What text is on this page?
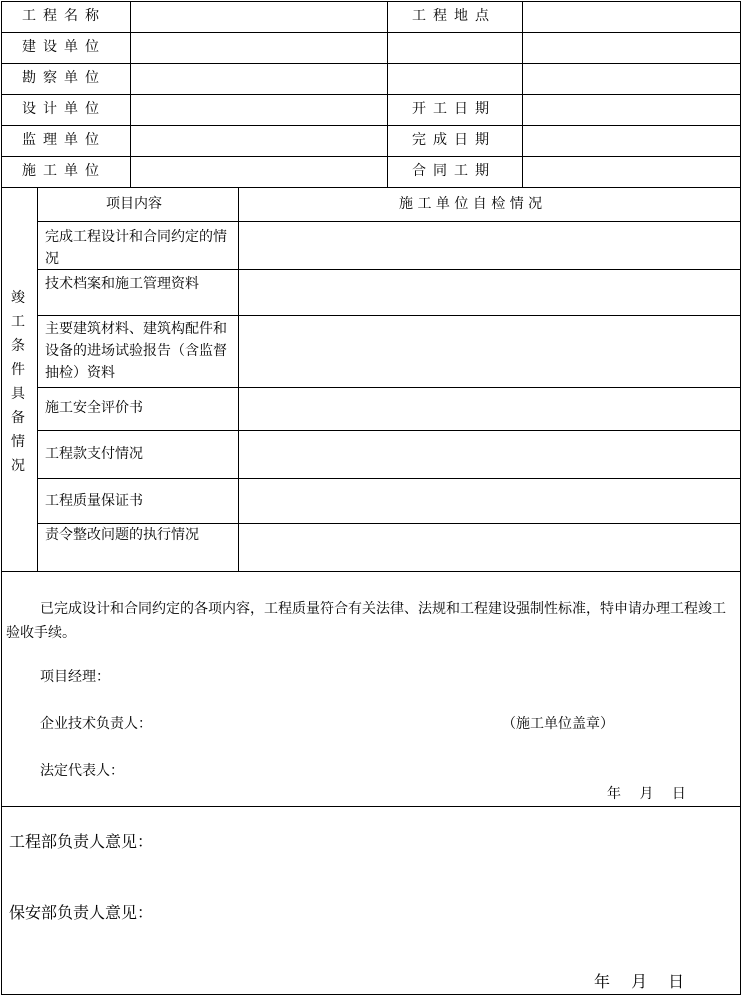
工程名称	工程地点
建设单位
勘察单位
设计单位	开工日期
监理单位	完成日期
施工单位	合同工期
竣
工
条
件
具
备
情
况
项目内容	施 工 单 位 自 检 情 况
完成工程设计和合同约定的情况
技术档案和施工管理资料
主要建筑材料、建筑构配件和设备的进场试验报告（含监督抽检）资料
施工安全评价书
工程款支付情况
工程质量保证书
责令整改问题的执行情况
已完成设计和合同约定的各项内容，工程质量符合有关法律、法规和工程建设强制性标准，特申请办理工程竣工验收手续。
项目经理：
企业技术负责人：	（施工单位盖章）
法定代表人：
年　 月　 日
工程部负责人意见：
保安部负责人意见：
年　 月　 日
